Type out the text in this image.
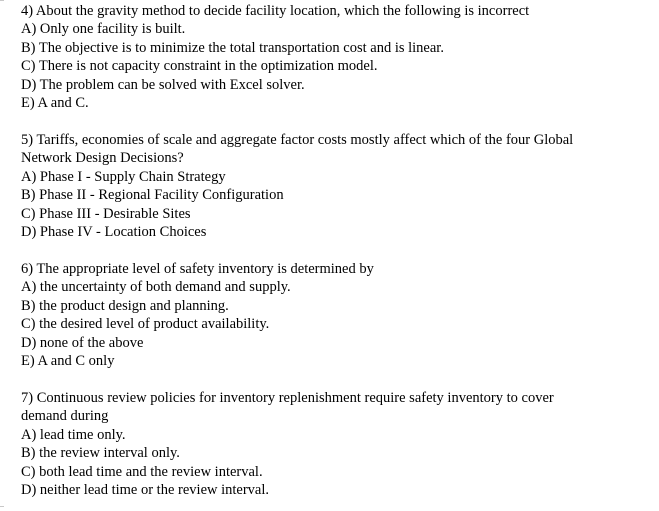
4) About the gravity method to decide facility location, which the following is incorrect
A) Only one facility is built.
B) The objective is to minimize the total transportation cost and is linear.
C) There is not capacity constraint in the optimization model.
D) The problem can be solved with Excel solver.
E) A and C.
5) Tariffs, economies of scale and aggregate factor costs mostly affect which of the four Global
Network Design Decisions?
A) Phase I - Supply Chain Strategy
B) Phase II - Regional Facility Configuration
C) Phase III - Desirable Sites
D) Phase IV - Location Choices
6) The appropriate level of safety inventory is determined by
A) the uncertainty of both demand and supply.
B) the product design and planning.
C) the desired level of product availability.
D) none of the above
E) A and C only
7) Continuous review policies for inventory replenishment require safety inventory to cover
demand during
A) lead time only.
B) the review interval only.
C) both lead time and the review interval.
D) neither lead time or the review interval.
